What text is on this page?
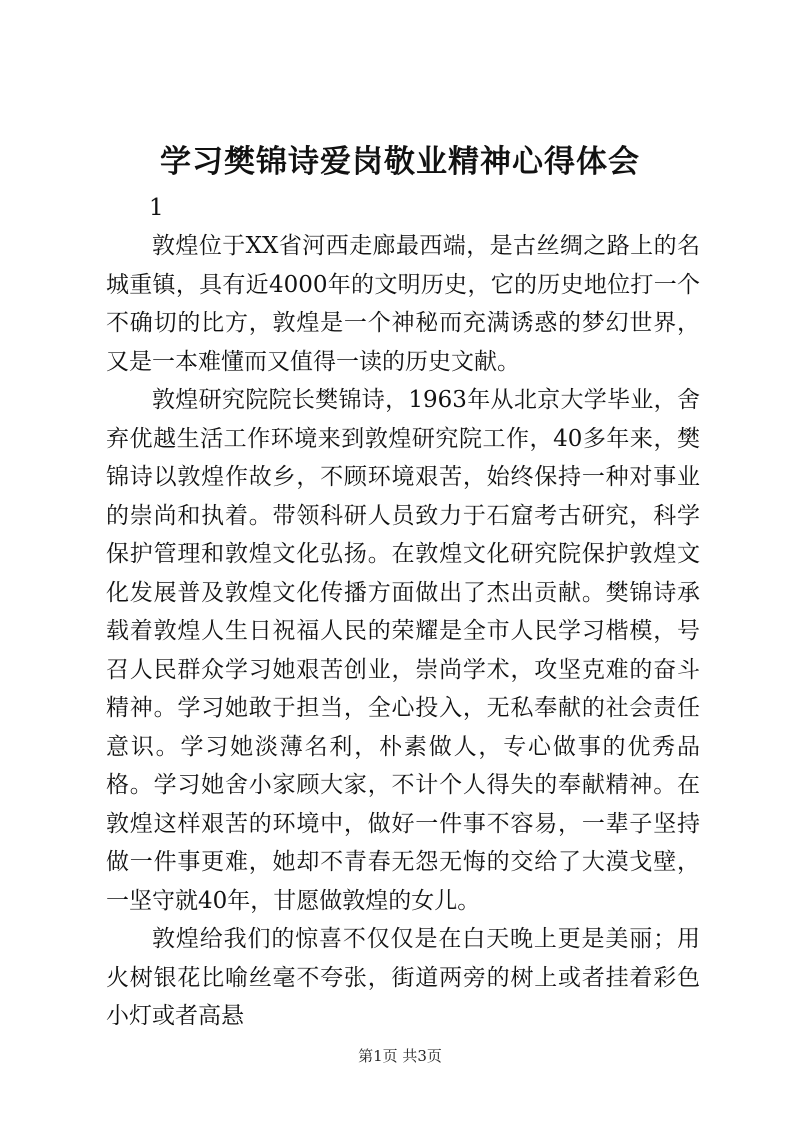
学习樊锦诗爱岗敬业精神心得体会
1

敦煌位于XX省河西走廊最西端，是古丝绸之路上的名城重镇，具有近4000年的文明历史，它的历史地位打一个不确切的比方，敦煌是一个神秘而充满诱惑的梦幻世界，又是一本难懂而又值得一读的历史文献。

敦煌研究院院长樊锦诗，1963年从北京大学毕业，舍弃优越生活工作环境来到敦煌研究院工作，40多年来，樊锦诗以敦煌作故乡，不顾环境艰苦，始终保持一种对事业的崇尚和执着。带领科研人员致力于石窟考古研究，科学保护管理和敦煌文化弘扬。在敦煌文化研究院保护敦煌文化发展普及敦煌文化传播方面做出了杰出贡献。樊锦诗承载着敦煌人生日祝福人民的荣耀是全市人民学习楷模，号召人民群众学习她艰苦创业，崇尚学术，攻坚克难的奋斗精神。学习她敢于担当，全心投入，无私奉献的社会责任意识。学习她淡薄名利，朴素做人，专心做事的优秀品格。学习她舍小家顾大家，不计个人得失的奉献精神。在敦煌这样艰苦的环境中，做好一件事不容易，一辈子坚持做一件事更难，她却不青春无怨无悔的交给了大漠戈壁，一坚守就40年，甘愿做敦煌的女儿。

敦煌给我们的惊喜不仅仅是在白天晚上更是美丽；用火树银花比喻丝毫不夸张，街道两旁的树上或者挂着彩色小灯或者高悬

第1页 共3页
